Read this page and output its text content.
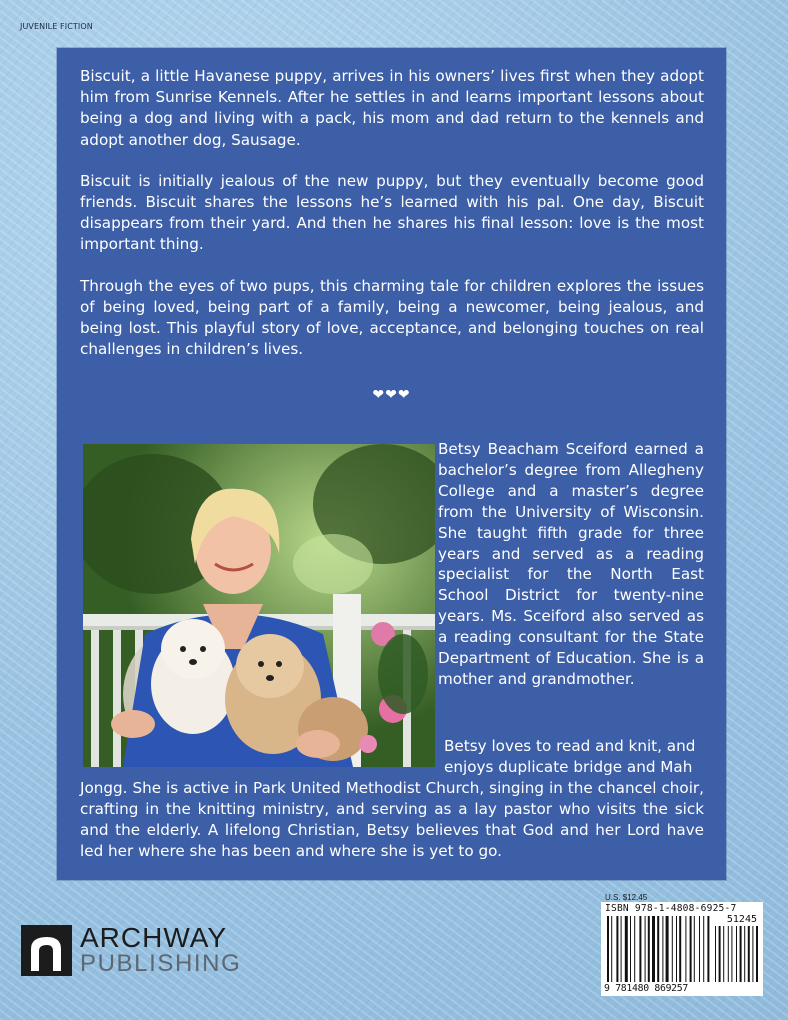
JUVENILE FICTION

Biscuit, a little Havanese puppy, arrives in his owners’ lives first when they adopt him from Sunrise Kennels. After he settles in and learns important lessons about being a dog and living with a pack, his mom and dad return to the kennels and adopt another dog, Sausage.

Biscuit is initially jealous of the new puppy, but they eventually become good friends. Biscuit shares the lessons he’s learned with his pal. One day, Biscuit disappears from their yard. And then he shares his final lesson: love is the most important thing.

Through the eyes of two pups, this charming tale for children explores the issues of being loved, being part of a family, being a newcomer, being jealous, and being lost. This playful story of love, acceptance, and belonging touches on real challenges in children’s lives.

❤❤❤
Betsy Beacham Sceiford earned a bachelor’s degree from Allegheny College and a master’s degree from the University of Wisconsin. She taught fifth grade for three years and served as a reading specialist for the North East School District for twenty-nine years. Ms. Sceiford also served as a reading consultant for the State Department of Education. She is a mother and grandmother.
Betsy loves to read and knit, and
enjoys duplicate bridge and Mah
Jongg. She is active in Park United Methodist Church, singing in the chancel choir, crafting in the knitting ministry, and serving as a lay pastor who visits the sick and the elderly. A lifelong Christian, Betsy believes that God and her Lord have led her where she has been and where she is yet to go.
ARCHWAY
PUBLISHING
U.S. $12.45
ISBN 978-1-4808-6925-7
51245
9 781480 869257
